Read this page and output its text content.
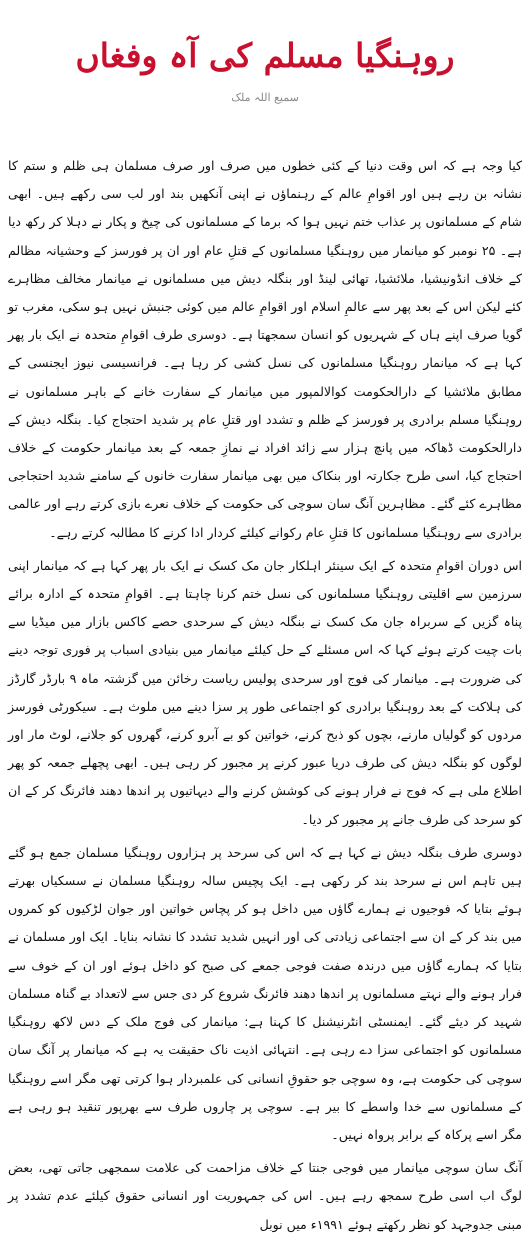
روہنگیا مسلم کی آہ وفغاں
سمیع اللہ ملک

کیا وجہ ہے کہ اس وقت دنیا کے کئی خطوں میں صرف اور صرف مسلمان ہی ظلم و ستم کا نشانہ بن رہے ہیں اور اقوامِ عالم کے رہنماؤں نے اپنی آنکھیں بند اور لب سی رکھے ہیں۔ ابھی شام کے مسلمانوں پر عذاب ختم نہیں ہوا کہ برما کے مسلمانوں کی چیخ و پکار نے دہلا کر رکھ دیا ہے۔ ۲۵ نومبر کو میانمار میں روہنگیا مسلمانوں کے قتلِ عام اور ان پر فورسز کے وحشیانہ مظالم کے خلاف انڈونیشیا، ملائشیا، تھائی لینڈ اور بنگلہ دیش میں مسلمانوں نے میانمار مخالف مظاہرے کئے لیکن اس کے بعد پھر سے عالمِ اسلام اور اقوامِ عالم میں کوئی جنبش نہیں ہو سکی، مغرب تو گویا صرف اپنے ہاں کے شہریوں کو انسان سمجھتا ہے۔ دوسری طرف اقوامِ متحدہ نے ایک بار پھر کہا ہے کہ میانمار روہنگیا مسلمانوں کی نسل کشی کر رہا ہے۔ فرانسیسی نیوز ایجنسی کے مطابق ملائشیا کے دارالحکومت کوالالمپور میں میانمار کے سفارت خانے کے باہر مسلمانوں نے روہنگیا مسلم برادری پر فورسز کے ظلم و تشدد اور قتلِ عام پر شدید احتجاج کیا۔ بنگلہ دیش کے دارالحکومت ڈھاکہ میں پانچ ہزار سے زائد افراد نے نمازِ جمعہ کے بعد میانمار حکومت کے خلاف احتجاج کیا، اسی طرح جکارتہ اور بنکاک میں بھی میانمار سفارت خانوں کے سامنے شدید احتجاجی مظاہرے کئے گئے۔ مظاہرین آنگ سان سوچی کی حکومت کے خلاف نعرے بازی کرتے رہے اور عالمی برادری سے روہنگیا مسلمانوں کا قتلِ عام رکوانے کیلئے کردار ادا کرنے کا مطالبہ کرتے رہے۔

اس دوران اقوامِ متحدہ کے ایک سینئر اہلکار جان مک کسک نے ایک بار پھر کہا ہے کہ میانمار اپنی سرزمین سے اقلیتی روہنگیا مسلمانوں کی نسل ختم کرنا چاہتا ہے۔ اقوامِ متحدہ کے ادارہ برائے پناہ گزیں کے سربراہ جان مک کسک نے بنگلہ دیش کے سرحدی حصے کاکس بازار میں میڈیا سے بات چیت کرتے ہوئے کہا کہ اس مسئلے کے حل کیلئے میانمار میں بنیادی اسباب پر فوری توجہ دینے کی ضرورت ہے۔ میانمار کی فوج اور سرحدی پولیس ریاست رخائن میں گزشتہ ماہ ۹ بارڈر گارڈز کی ہلاکت کے بعد روہنگیا برادری کو اجتماعی طور پر سزا دینے میں ملوث ہے۔ سیکورٹی فورسز مردوں کو گولیاں مارنے، بچوں کو ذبح کرنے، خواتین کو بے آبرو کرنے، گھروں کو جلانے، لوٹ مار اور لوگوں کو بنگلہ دیش کی طرف دریا عبور کرنے پر مجبور کر رہی ہیں۔ ابھی پچھلے جمعہ کو پھر اطلاع ملی ہے کہ فوج نے فرار ہونے کی کوشش کرنے والے دیہاتیوں پر اندھا دھند فائرنگ کر کے ان کو سرحد کی طرف جانے پر مجبور کر دیا۔

دوسری طرف بنگلہ دیش نے کہا ہے کہ اس کی سرحد پر ہزاروں روہنگیا مسلمان جمع ہو گئے ہیں تاہم اس نے سرحد بند کر رکھی ہے۔ ایک پچیس سالہ روہنگیا مسلمان نے سسکیاں بھرتے ہوئے بتایا کہ فوجیوں نے ہمارے گاؤں میں داخل ہو کر پچاس خواتین اور جوان لڑکیوں کو کمروں میں بند کر کے ان سے اجتماعی زیادتی کی اور انہیں شدید تشدد کا نشانہ بنایا۔ ایک اور مسلمان نے بتایا کہ ہمارے گاؤں میں درندہ صفت فوجی جمعے کی صبح کو داخل ہوئے اور ان کے خوف سے فرار ہونے والے نہتے مسلمانوں پر اندھا دھند فائرنگ شروع کر دی جس سے لاتعداد بے گناہ مسلمان شہید کر دیئے گئے۔ ایمنسٹی انٹرنیشنل کا کہنا ہے: میانمار کی فوج ملک کے دس لاکھ روہنگیا مسلمانوں کو اجتماعی سزا دے رہی ہے۔ انتہائی اذیت ناک حقیقت یہ ہے کہ میانمار پر آنگ سان سوچی کی حکومت ہے، وہ سوچی جو حقوقِ انسانی کی علمبردار ہوا کرتی تھی مگر اسے روہنگیا کے مسلمانوں سے خدا واسطے کا بیر ہے۔ سوچی پر چاروں طرف سے بھرپور تنقید ہو رہی ہے مگر اسے پرکاہ کے برابر پرواہ نہیں۔

آنگ سان سوچی میانمار میں فوجی جنتا کے خلاف مزاحمت کی علامت سمجھی جاتی تھی، بعض لوگ اب اسی طرح سمجھ رہے ہیں۔ اس کی جمہوریت اور انسانی حقوق کیلئے عدم تشدد پر مبنی جدوجہد کو نظر رکھتے ہوئے ۱۹۹۱ء میں نوبل
